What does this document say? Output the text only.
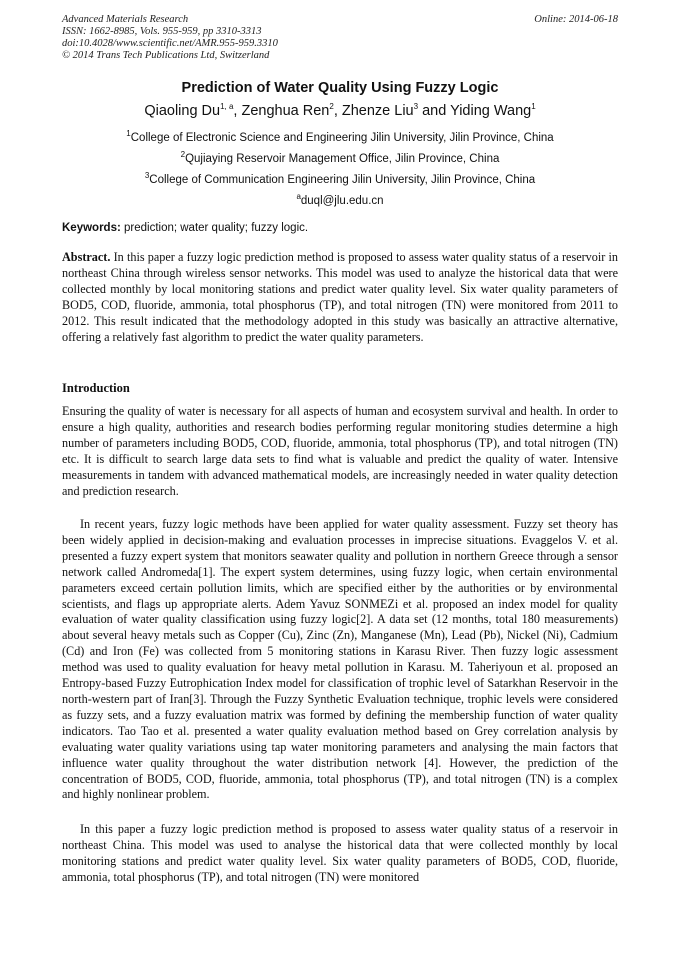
Advanced Materials Research
ISSN: 1662-8985, Vols. 955-959, pp 3310-3313
doi:10.4028/www.scientific.net/AMR.955-959.3310
© 2014 Trans Tech Publications Ltd, Switzerland
Online: 2014-06-18
Prediction of Water Quality Using Fuzzy Logic
Qiaoling Du$^{1, a}$, Zenghua Ren$^2$, Zhenze Liu$^3$ and Yiding Wang$^1$
$^1$College of Electronic Science and Engineering Jilin University, Jilin Province, China
$^2$Qujiaying Reservoir Management Office, Jilin Province, China
$^3$College of Communication Engineering Jilin University, Jilin Province, China
$^a$duql@jlu.edu.cn
Keywords: prediction; water quality; fuzzy logic.
Abstract. In this paper a fuzzy logic prediction method is proposed to assess water quality status of a reservoir in northeast China through wireless sensor networks. This model was used to analyze the historical data that were collected monthly by local monitoring stations and predict water quality level. Six water quality parameters of BOD5, COD, fluoride, ammonia, total phosphorus (TP), and total nitrogen (TN) were monitored from 2011 to 2012. This result indicated that the methodology adopted in this study was basically an attractive alternative, offering a relatively fast algorithm to predict the water quality parameters.
Introduction
Ensuring the quality of water is necessary for all aspects of human and ecosystem survival and health. In order to ensure a high quality, authorities and research bodies performing regular monitoring studies determine a high number of parameters including BOD5, COD, fluoride, ammonia, total phosphorus (TP), and total nitrogen (TN) etc. It is difficult to search large data sets to find what is valuable and predict the quality of water. Intensive measurements in tandem with advanced mathematical models, are increasingly needed in water quality detection and prediction research.
In recent years, fuzzy logic methods have been applied for water quality assessment. Fuzzy set theory has been widely applied in decision-making and evaluation processes in imprecise situations. Evaggelos V. et al. presented a fuzzy expert system that monitors seawater quality and pollution in northern Greece through a sensor network called Andromeda[1]. The expert system determines, using fuzzy logic, when certain environmental parameters exceed certain pollution limits, which are specified either by the authorities or by environmental scientists, and flags up appropriate alerts. Adem Yavuz SONMEZi et al. proposed an index model for quality evaluation of water quality classification using fuzzy logic[2]. A data set (12 months, total 180 measurements) about several heavy metals such as Copper (Cu), Zinc (Zn), Manganese (Mn), Lead (Pb), Nickel (Ni), Cadmium (Cd) and Iron (Fe) was collected from 5 monitoring stations in Karasu River. Then fuzzy logic assessment method was used to quality evaluation for heavy metal pollution in Karasu. M. Taheriyoun et al. proposed an Entropy-based Fuzzy Eutrophication Index model for classification of trophic level of Satarkhan Reservoir in the north-western part of Iran[3]. Through the Fuzzy Synthetic Evaluation technique, trophic levels were considered as fuzzy sets, and a fuzzy evaluation matrix was formed by defining the membership function of water quality indicators. Tao Tao et al. presented a water quality evaluation method based on Grey correlation analysis by evaluating water quality variations using tap water monitoring parameters and analysing the main factors that influence water quality throughout the water distribution network [4]. However, the prediction of the concentration of BOD5, COD, fluoride, ammonia, total phosphorus (TP), and total nitrogen (TN) is a complex and highly nonlinear problem.
In this paper a fuzzy logic prediction method is proposed to assess water quality status of a reservoir in northeast China. This model was used to analyse the historical data that were collected monthly by local monitoring stations and predict water quality level. Six water quality parameters of BOD5, COD, fluoride, ammonia, total phosphorus (TP), and total nitrogen (TN) were monitored
